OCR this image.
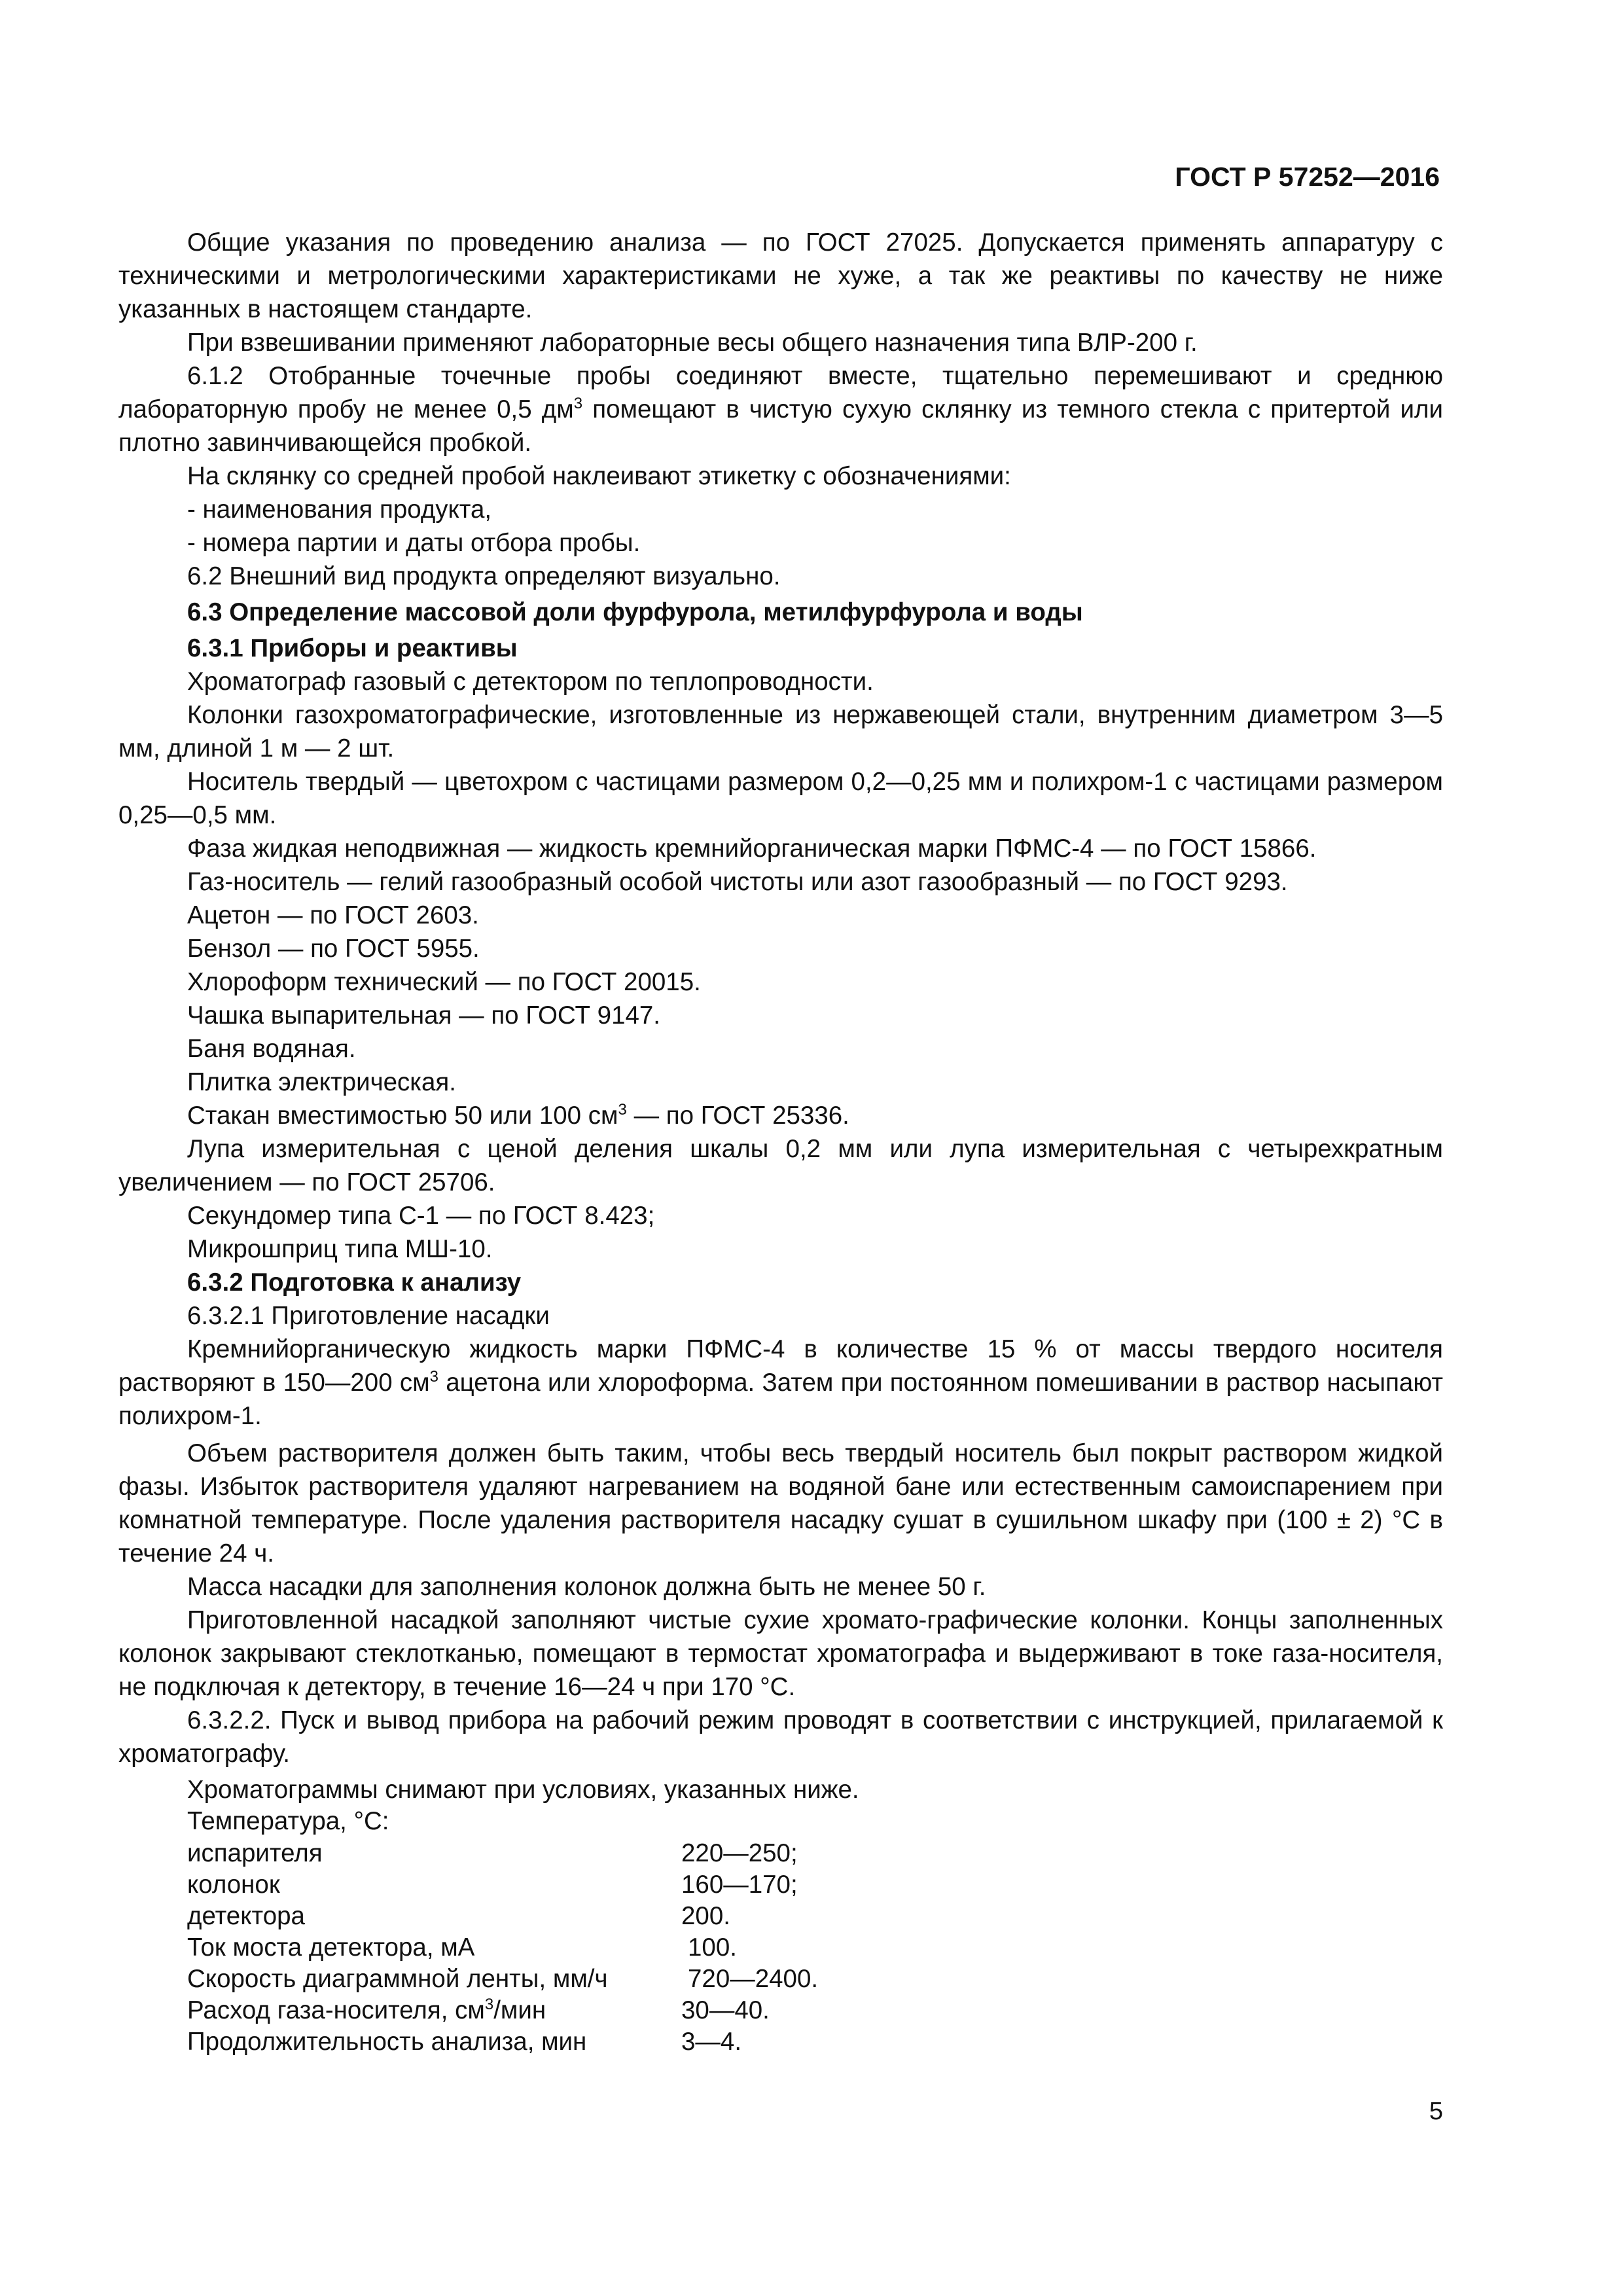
ГОСТ Р 57252—2016

Общие указания по проведению анализа — по ГОСТ 27025. Допускается применять аппаратуру с техническими и метрологическими характеристиками не хуже, а так же реактивы по качеству не ниже указанных в настоящем стандарте.

При взвешивании применяют лабораторные весы общего назначения типа ВЛР-200 г.

6.1.2 Отобранные точечные пробы соединяют вместе, тщательно перемешивают и среднюю лабораторную пробу не менее 0,5 $дм^3$ помещают в чистую сухую склянку из темного стекла с притертой или плотно завинчивающейся пробкой.

На склянку со средней пробой наклеивают этикетку с обозначениями:

- наименования продукта,

- номера партии и даты отбора пробы.

6.2 Внешний вид продукта определяют визуально.

6.3 Определение массовой доли фурфурола, метилфурфурола и воды

6.3.1 Приборы и реактивы

Хроматограф газовый с детектором по теплопроводности.

Колонки газохроматографические, изготовленные из нержавеющей стали, внутренним диаметром 3—5 мм, длиной 1 м — 2 шт.

Носитель твердый — цветохром с частицами размером 0,2—0,25 мм и полихром-1 с частицами размером 0,25—0,5 мм.

Фаза жидкая неподвижная — жидкость кремнийорганическая марки ПФМС-4 — по ГОСТ 15866.

Газ-носитель — гелий газообразный особой чистоты или азот газообразный — по ГОСТ 9293.

Ацетон — по ГОСТ 2603.

Бензол — по ГОСТ 5955.

Хлороформ технический — по ГОСТ 20015.

Чашка выпарительная — по ГОСТ 9147.

Баня водяная.

Плитка электрическая.

Стакан вместимостью 50 или 100 $см^3$ — по ГОСТ 25336.

Лупа измерительная с ценой деления шкалы 0,2 мм или лупа измерительная с четырехкратным увеличением — по ГОСТ 25706.

Секундомер типа С-1 — по ГОСТ 8.423;

Микрошприц типа МШ-10.

6.3.2 Подготовка к анализу

6.3.2.1 Приготовление насадки

Кремнийорганическую жидкость марки ПФМС-4 в количестве 15 % от массы твердого носителя растворяют в 150—200 $см^3$ ацетона или хлороформа. Затем при постоянном помешивании в раствор насыпают полихром-1.

Объем растворителя должен быть таким, чтобы весь твердый носитель был покрыт раствором жидкой фазы. Избыток растворителя удаляют нагреванием на водяной бане или естественным самоиспарением при комнатной температуре. После удаления растворителя насадку сушат в сушильном шкафу при (100 ± 2) °С в течение 24 ч.

Масса насадки для заполнения колонок должна быть не менее 50 г.

Приготовленной насадкой заполняют чистые сухие хромато-графические колонки. Концы заполненных колонок закрывают стеклотканью, помещают в термостат хроматографа и выдерживают в токе газа-носителя, не подключая к детектору, в течение 16—24 ч при 170 °С.

6.3.2.2. Пуск и вывод прибора на рабочий режим проводят в соответствии с инструкцией, прилагаемой к хроматографу.

Хроматограммы снимают при условиях, указанных ниже.

Температура, °С:

испарителя	220—250;
колонок	160—170;
детектора	200.
Ток моста детектора, мА	100.
Скорость диаграммной ленты, мм/ч	720—2400.
Расход газа-носителя, $см^3$/мин	30—40.
Продолжительность анализа, мин	3—4.
5
